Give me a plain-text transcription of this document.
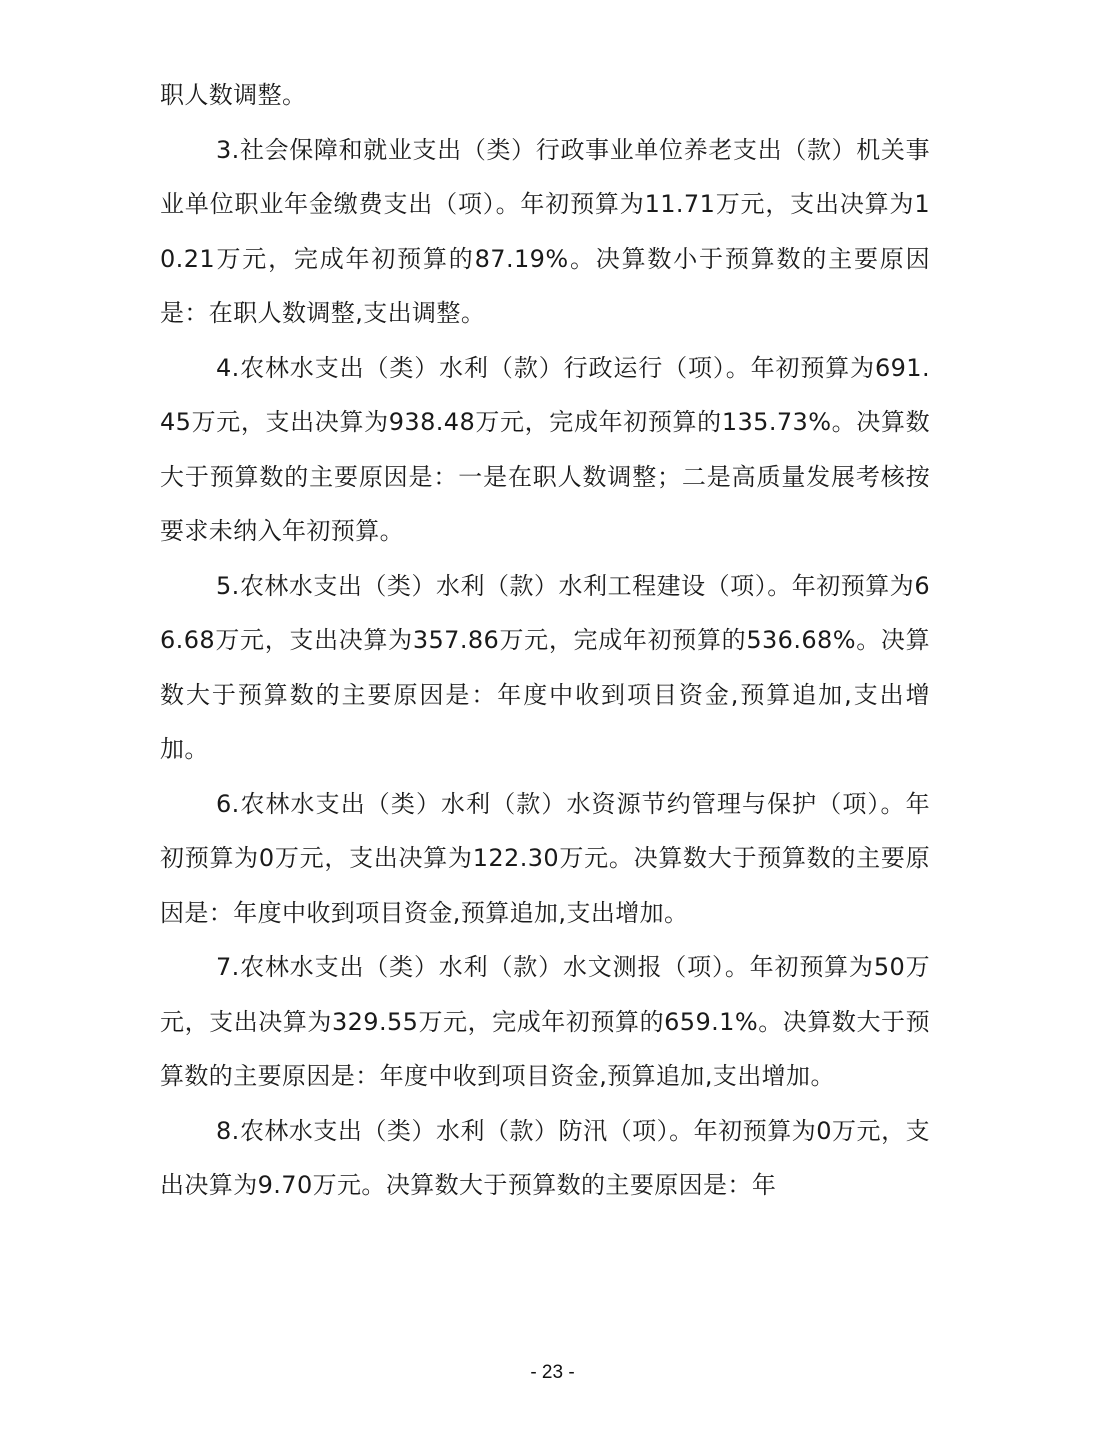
职人数调整。

3.社会保障和就业支出（类）行政事业单位养老支出（款）机关事业单位职业年金缴费支出（项）。年初预算为11.71万元，支出决算为10.21万元，完成年初预算的87.19%。决算数小于预算数的主要原因是：在职人数调整,支出调整。

4.农林水支出（类）水利（款）行政运行（项）。年初预算为691.45万元，支出决算为938.48万元，完成年初预算的135.73%。决算数大于预算数的主要原因是：一是在职人数调整；二是高质量发展考核按要求未纳入年初预算。

5.农林水支出（类）水利（款）水利工程建设（项）。年初预算为66.68万元，支出决算为357.86万元，完成年初预算的536.68%。决算数大于预算数的主要原因是：年度中收到项目资金,预算追加,支出增加。

6.农林水支出（类）水利（款）水资源节约管理与保护（项）。年初预算为0万元，支出决算为122.30万元。决算数大于预算数的主要原因是：年度中收到项目资金,预算追加,支出增加。

7.农林水支出（类）水利（款）水文测报（项）。年初预算为50万元，支出决算为329.55万元，完成年初预算的659.1%。决算数大于预算数的主要原因是：年度中收到项目资金,预算追加,支出增加。

8.农林水支出（类）水利（款）防汛（项）。年初预算为0万元，支出决算为9.70万元。决算数大于预算数的主要原因是：年

- 23 -
